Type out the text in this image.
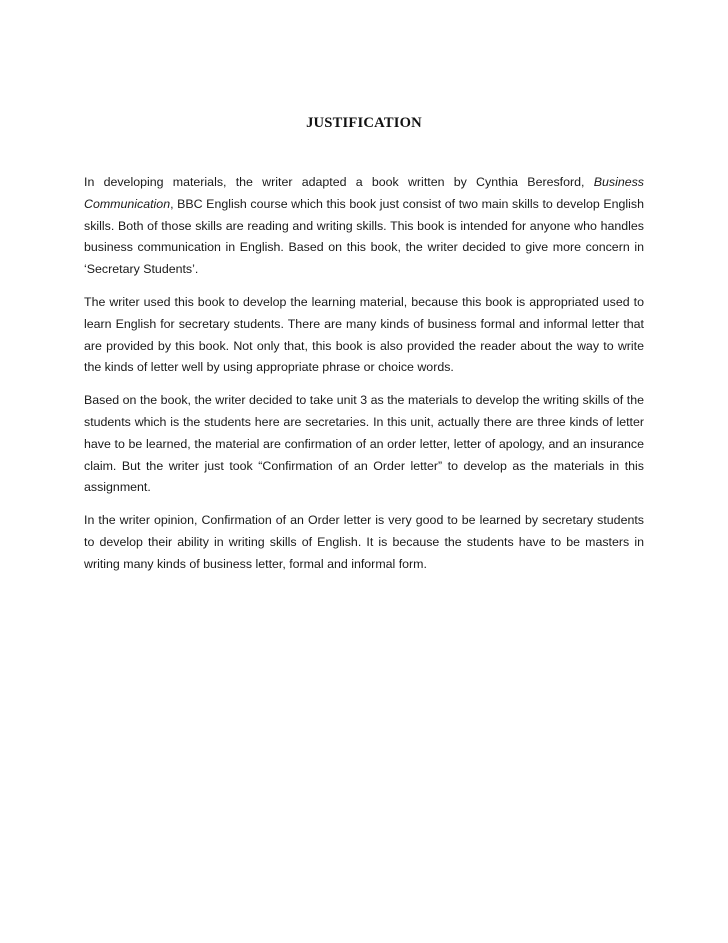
JUSTIFICATION

In developing materials, the writer adapted a book written by Cynthia Beresford, Business Communication, BBC English course which this book just consist of two main skills to develop English skills. Both of those skills are reading and writing skills. This book is intended for anyone who handles business communication in English. Based on this book, the writer decided to give more concern in ‘Secretary Students’.

The writer used this book to develop the learning material, because this book is appropriated used to learn English for secretary students. There are many kinds of business formal and informal letter that are provided by this book. Not only that, this book is also provided the reader about the way to write the kinds of letter well by using appropriate phrase or choice words.

Based on the book, the writer decided to take unit 3 as the materials to develop the writing skills of the students which is the students here are secretaries. In this unit, actually there are three kinds of letter have to be learned, the material are confirmation of an order letter, letter of apology, and an insurance claim. But the writer just took “Confirmation of an Order letter” to develop as the materials in this assignment.

In the writer opinion, Confirmation of an Order letter is very good to be learned by secretary students to develop their ability in writing skills of English. It is because the students have to be masters in writing many kinds of business letter, formal and informal form.
